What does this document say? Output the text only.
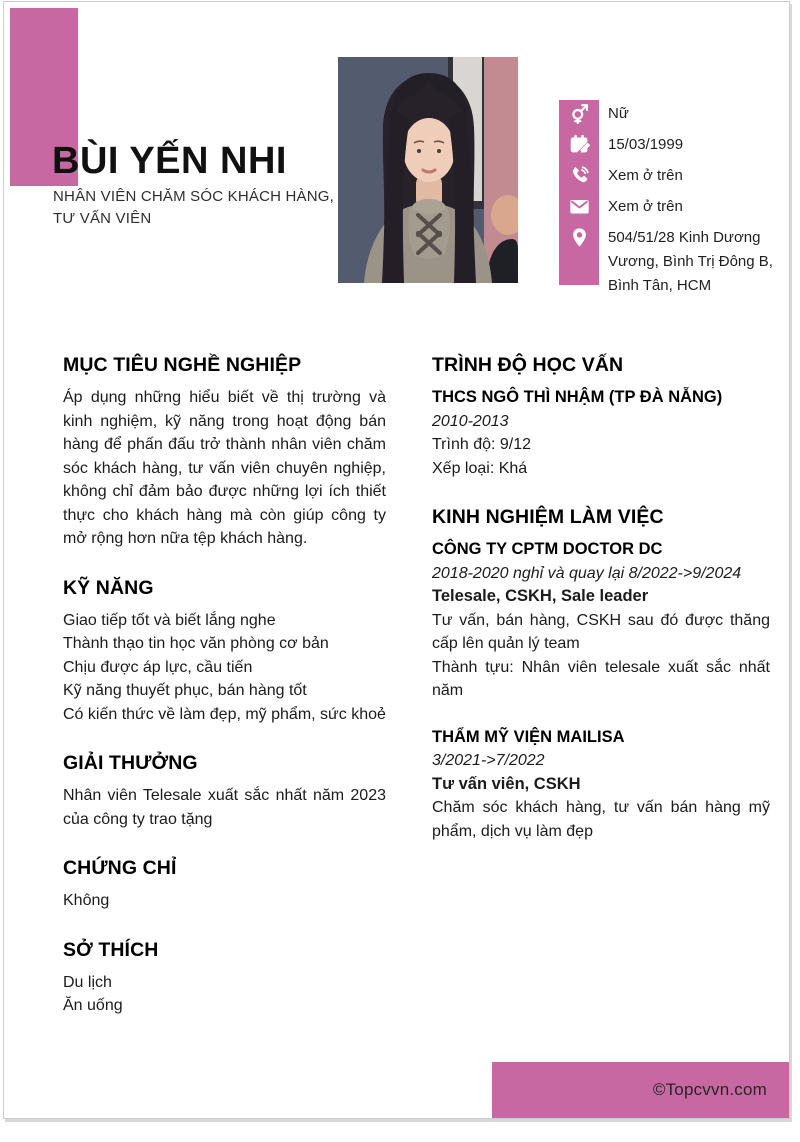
BÙI YẾN NHI
NHÂN VIÊN CHĂM SÓC KHÁCH HÀNG, TƯ VẤN VIÊN
Nữ
15/03/1999
Xem ở trên
Xem ở trên
504/51/28 Kinh Dương Vương, Bình Trị Đông B, Bình Tân, HCM
MỤC TIÊU NGHỀ NGHIỆP

Áp dụng những hiểu biết về thị trường và kinh nghiệm, kỹ năng trong hoạt động bán hàng để phấn đấu trở thành nhân viên chăm sóc khách hàng, tư vấn viên chuyên nghiệp, không chỉ đảm bảo được những lợi ích thiết thực cho khách hàng mà còn giúp công ty mở rộng hơn nữa tệp khách hàng.

KỸ NĂNG
Giao tiếp tốt và biết lắng nghe
Thành thạo tin học văn phòng cơ bản
Chịu được áp lực, cầu tiến
Kỹ năng thuyết phục, bán hàng tốt
Có kiến thức về làm đẹp, mỹ phẩm, sức khoẻ
GIẢI THƯỞNG

Nhân viên Telesale xuất sắc nhất năm 2023 của công ty trao tặng

CHỨNG CHỈ

Không

SỞ THÍCH
Du lịch
Ăn uống
TRÌNH ĐỘ HỌC VẤN

THCS NGÔ THÌ NHẬM (TP ĐÀ NẴNG)

2010-2013

Trình độ: 9/12
Xếp loại: Khá
KINH NGHIỆM LÀM VIỆC

CÔNG TY CPTM DOCTOR DC

2018-2020 nghỉ và quay lại 8/2022->9/2024

Telesale, CSKH, Sale leader

Tư vấn, bán hàng, CSKH sau đó được thăng cấp lên quản lý team

Thành tựu: Nhân viên telesale xuất sắc nhất năm

THẨM MỸ VIỆN MAILISA

3/2021->7/2022

Tư vấn viên, CSKH

Chăm sóc khách hàng, tư vấn bán hàng mỹ phẩm, dịch vụ làm đẹp

©Topcvvn.com
